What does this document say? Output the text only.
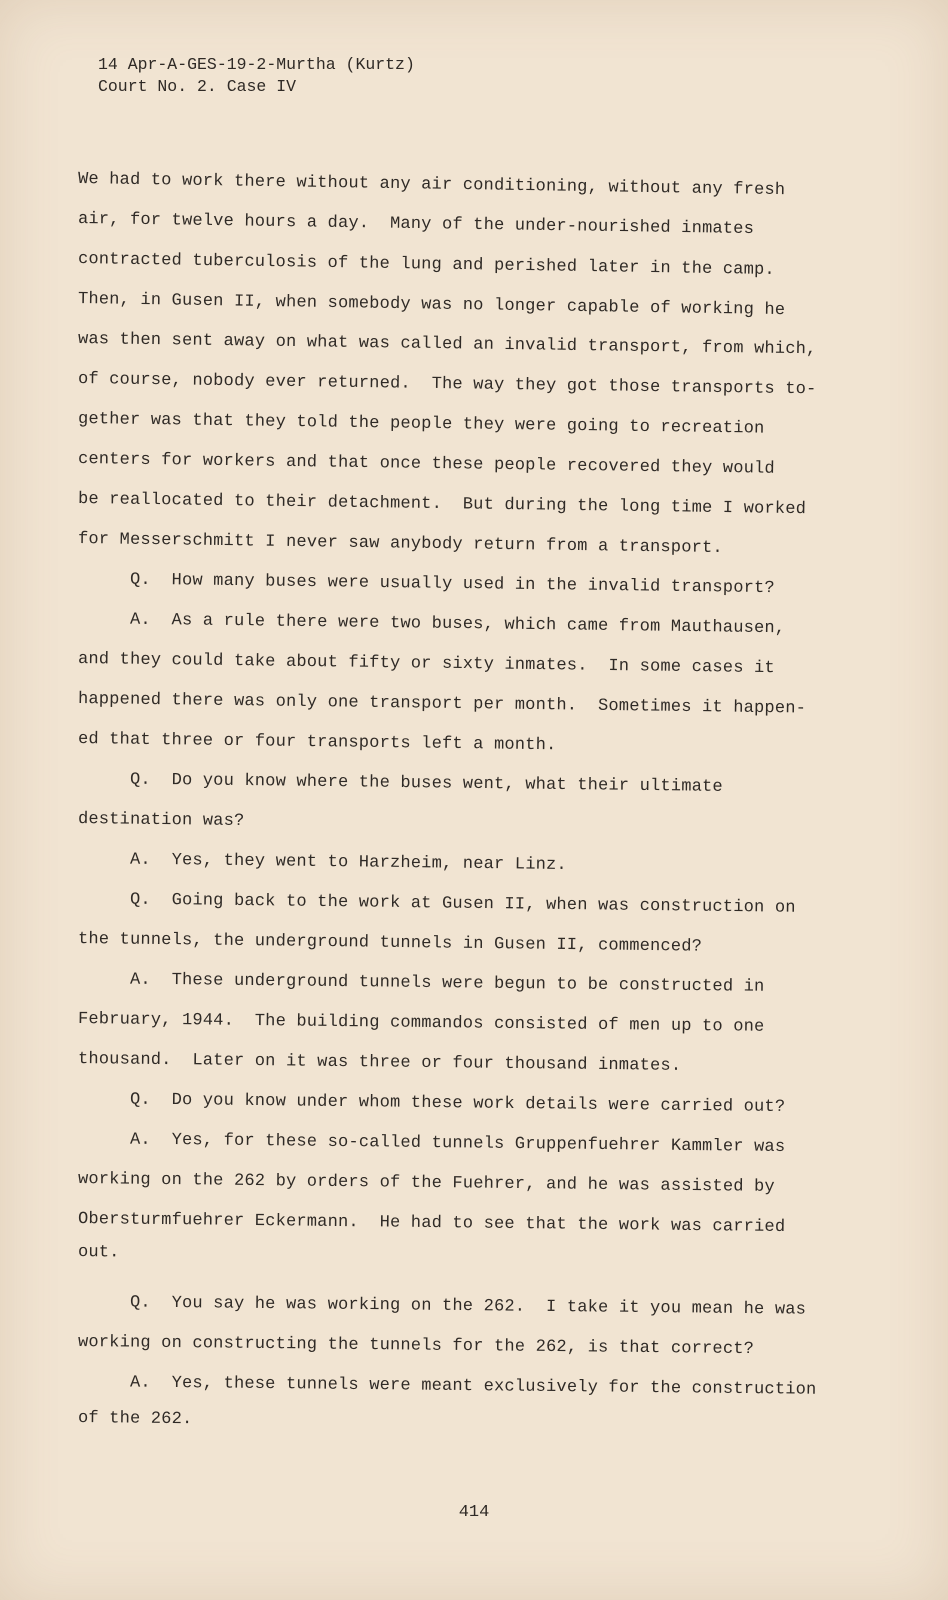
14 Apr-A-GES-19-2-Murtha (Kurtz)
Court No. 2. Case IV
We had to work there without any air conditioning, without any fresh
air, for twelve hours a day.  Many of the under-nourished inmates
contracted tuberculosis of the lung and perished later in the camp.
Then, in Gusen II, when somebody was no longer capable of working he
was then sent away on what was called an invalid transport, from which,
of course, nobody ever returned.  The way they got those transports to-
gether was that they told the people they were going to recreation
centers for workers and that once these people recovered they would
be reallocated to their detachment.  But during the long time I worked
for Messerschmitt I never saw anybody return from a transport.
Q.  How many buses were usually used in the invalid transport?
A.  As a rule there were two buses, which came from Mauthausen,
and they could take about fifty or sixty inmates.  In some cases it
happened there was only one transport per month.  Sometimes it happen-
ed that three or four transports left a month.
Q.  Do you know where the buses went, what their ultimate
destination was?
A.  Yes, they went to Harzheim, near Linz.
Q.  Going back to the work at Gusen II, when was construction on
the tunnels, the underground tunnels in Gusen II, commenced?
A.  These underground tunnels were begun to be constructed in
February, 1944.  The building commandos consisted of men up to one
thousand.  Later on it was three or four thousand inmates.
Q.  Do you know under whom these work details were carried out?
A.  Yes, for these so-called tunnels Gruppenfuehrer Kammler was
working on the 262 by orders of the Fuehrer, and he was assisted by
Obersturmfuehrer Eckermann.  He had to see that the work was carried
out.
Q.  You say he was working on the 262.  I take it you mean he was
working on constructing the tunnels for the 262, is that correct?
A.  Yes, these tunnels were meant exclusively for the construction
of the 262.
414
